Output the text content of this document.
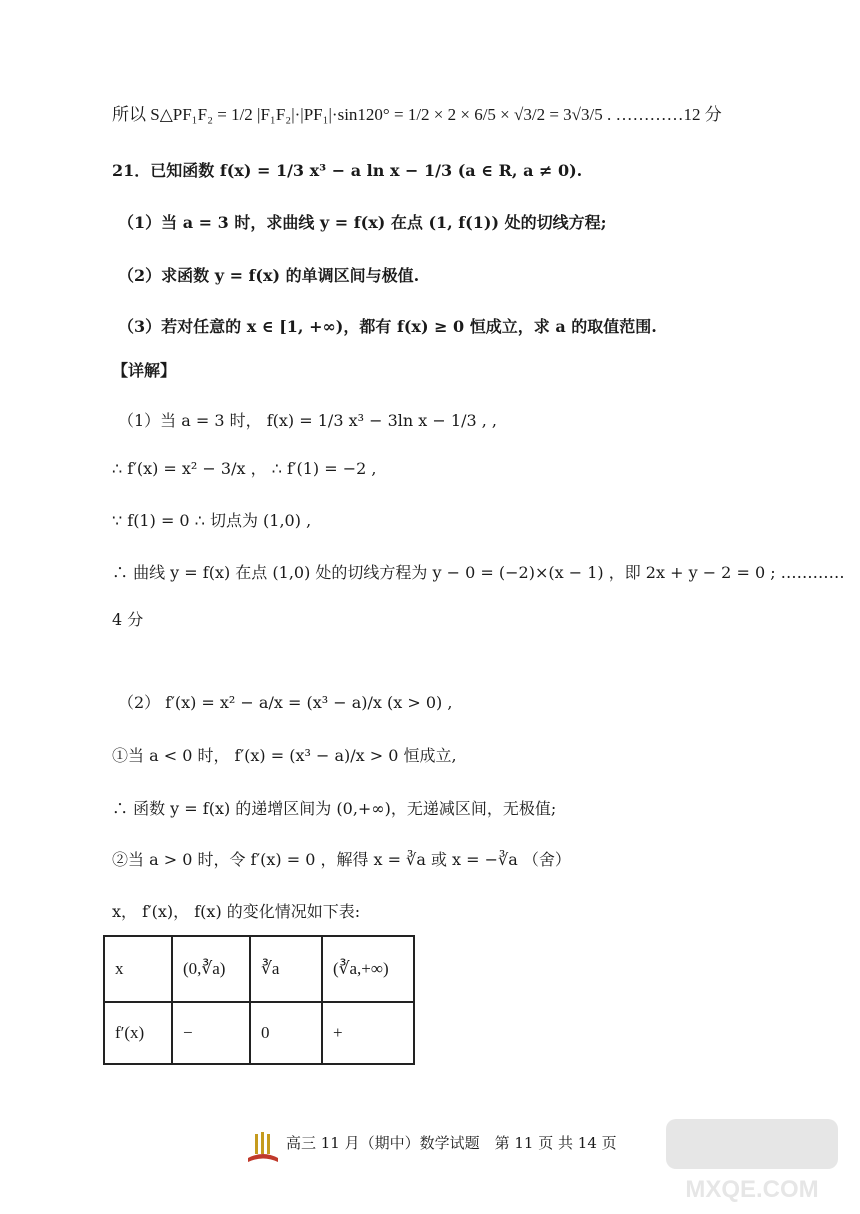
所以 S△PF₁F₂ = 1/2 |F₁F₂|·|PF₁|·sin120° = 1/2 × 2 × 6/5 × √3/2 = 3√3/5 . …………12 分
21．已知函数 f(x) = 1/3 x³ − a ln x − 1/3 (a ∈ R, a ≠ 0).
（1）当 a = 3 时，求曲线 y = f(x) 在点 (1, f(1)) 处的切线方程;
（2）求函数 y = f(x) 的单调区间与极值.
（3）若对任意的 x ∈ [1, +∞)，都有 f(x) ≥ 0 恒成立，求 a 的取值范围.
【详解】
（1）当 a = 3 时， f(x) = 1/3 x³ − 3ln x − 1/3 , ,
∴ f′(x) = x² − 3/x ， ∴ f′(1) = −2 ,
∵ f(1) = 0 ∴ 切点为 (1,0) ,
∴ 曲线 y = f(x) 在点 (1,0) 处的切线方程为 y − 0 = (−2)×(x − 1) ，即 2x + y − 2 = 0 ; …………
4 分
（2） f′(x) = x² − a/x = (x³ − a)/x (x > 0) ,
①当 a < 0 时， f′(x) = (x³ − a)/x > 0 恒成立,
∴ 函数 y = f(x) 的递增区间为 (0,+∞)，无递减区间，无极值;
②当 a > 0 时，令 f′(x) = 0 ，解得 x = ∛a 或 x = −∛a （舍）
x， f′(x)， f(x) 的变化情况如下表:
x	(0,∛a)	∛a	(∛a,+∞)
f′(x)	−	0	+
高三 11 月（期中）数学试题　第 11 页 共 14 页
MXQE.COM
